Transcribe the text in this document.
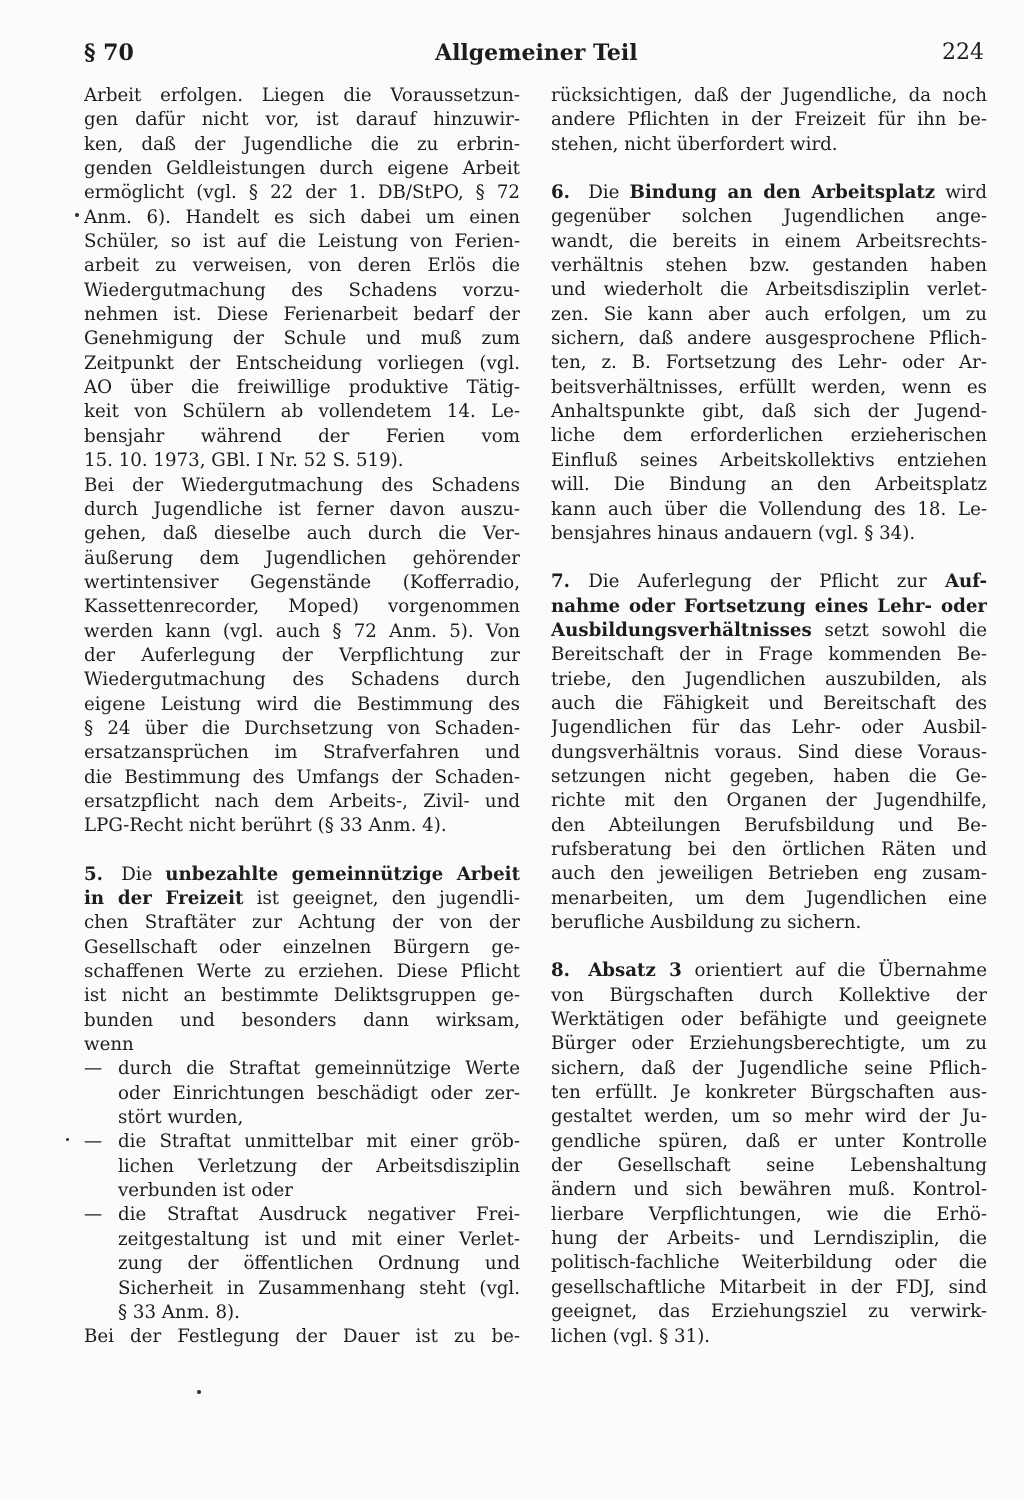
§ 70	Allgemeiner Teil	224
Arbeit erfolgen. Liegen die Voraussetzun-
gen dafür nicht vor, ist darauf hinzuwir-
ken, daß der Jugendliche die zu erbrin-
genden Geldleistungen durch eigene Arbeit
ermöglicht (vgl. § 22 der 1. DB/StPO, § 72
Anm. 6). Handelt es sich dabei um einen
Schüler, so ist auf die Leistung von Ferien-
arbeit zu verweisen, von deren Erlös die
Wiedergutmachung des Schadens vorzu-
nehmen ist. Diese Ferienarbeit bedarf der
Genehmigung der Schule und muß zum
Zeitpunkt der Entscheidung vorliegen (vgl.
AO über die freiwillige produktive Tätig-
keit von Schülern ab vollendetem 14. Le-
bensjahr während der Ferien vom
15. 10. 1973, GBl. I Nr. 52 S. 519).
Bei der Wiedergutmachung des Schadens
durch Jugendliche ist ferner davon auszu-
gehen, daß dieselbe auch durch die Ver-
äußerung dem Jugendlichen gehörender
wertintensiver Gegenstände (Kofferradio,
Kassettenrecorder, Moped) vorgenommen
werden kann (vgl. auch § 72 Anm. 5). Von
der Auferlegung der Verpflichtung zur
Wiedergutmachung des Schadens durch
eigene Leistung wird die Bestimmung des
§ 24 über die Durchsetzung von Schaden-
ersatzansprüchen im Strafverfahren und
die Bestimmung des Umfangs der Schaden-
ersatzpflicht nach dem Arbeits-, Zivil- und
LPG-Recht nicht berührt (§ 33 Anm. 4).
5.   Die unbezahlte gemeinnützige Arbeit
in der Freizeit ist geeignet, den jugendli-
chen Straftäter zur Achtung der von der
Gesellschaft oder einzelnen Bürgern ge-
schaffenen Werte zu erziehen. Diese Pflicht
ist nicht an bestimmte Deliktsgruppen ge-
bunden und besonders dann wirksam,
wenn
— durch die Straftat gemeinnützige Werte
oder Einrichtungen beschädigt oder zer-
stört wurden,
— die Straftat unmittelbar mit einer gröb-
lichen Verletzung der Arbeitsdisziplin
verbunden ist oder
— die Straftat Ausdruck negativer Frei-
zeitgestaltung ist und mit einer Verlet-
zung der öffentlichen Ordnung und
Sicherheit in Zusammenhang steht (vgl.
§ 33 Anm. 8).
Bei der Festlegung der Dauer ist zu be-
rücksichtigen, daß der Jugendliche, da noch
andere Pflichten in der Freizeit für ihn be-
stehen, nicht überfordert wird.
6.   Die Bindung an den Arbeitsplatz wird
gegenüber solchen Jugendlichen ange-
wandt, die bereits in einem Arbeitsrechts-
verhältnis stehen bzw. gestanden haben
und wiederholt die Arbeitsdisziplin verlet-
zen. Sie kann aber auch erfolgen, um zu
sichern, daß andere ausgesprochene Pflich-
ten, z. B. Fortsetzung des Lehr- oder Ar-
beitsverhältnisses, erfüllt werden, wenn es
Anhaltspunkte gibt, daß sich der Jugend-
liche dem erforderlichen erzieherischen
Einfluß seines Arbeitskollektivs entziehen
will. Die Bindung an den Arbeitsplatz
kann auch über die Vollendung des 18. Le-
bensjahres hinaus andauern (vgl. § 34).
7.   Die Auferlegung der Pflicht zur Auf-
nahme oder Fortsetzung eines Lehr- oder
Ausbildungsverhältnisses setzt sowohl die
Bereitschaft der in Frage kommenden Be-
triebe, den Jugendlichen auszubilden, als
auch die Fähigkeit und Bereitschaft des
Jugendlichen für das Lehr- oder Ausbil-
dungsverhältnis voraus. Sind diese Voraus-
setzungen nicht gegeben, haben die Ge-
richte mit den Organen der Jugendhilfe,
den Abteilungen Berufsbildung und Be-
rufsberatung bei den örtlichen Räten und
auch den jeweiligen Betrieben eng zusam-
menarbeiten, um dem Jugendlichen eine
berufliche Ausbildung zu sichern.
8.   Absatz 3 orientiert auf die Übernahme
von Bürgschaften durch Kollektive der
Werktätigen oder befähigte und geeignete
Bürger oder Erziehungsberechtigte, um zu
sichern, daß der Jugendliche seine Pflich-
ten erfüllt. Je konkreter Bürgschaften aus-
gestaltet werden, um so mehr wird der Ju-
gendliche spüren, daß er unter Kontrolle
der Gesellschaft seine Lebenshaltung
ändern und sich bewähren muß. Kontrol-
lierbare Verpflichtungen, wie die Erhö-
hung der Arbeits- und Lerndisziplin, die
politisch-fachliche Weiterbildung oder die
gesellschaftliche Mitarbeit in der FDJ, sind
geeignet, das Erziehungsziel zu verwirk-
lichen (vgl. § 31).
